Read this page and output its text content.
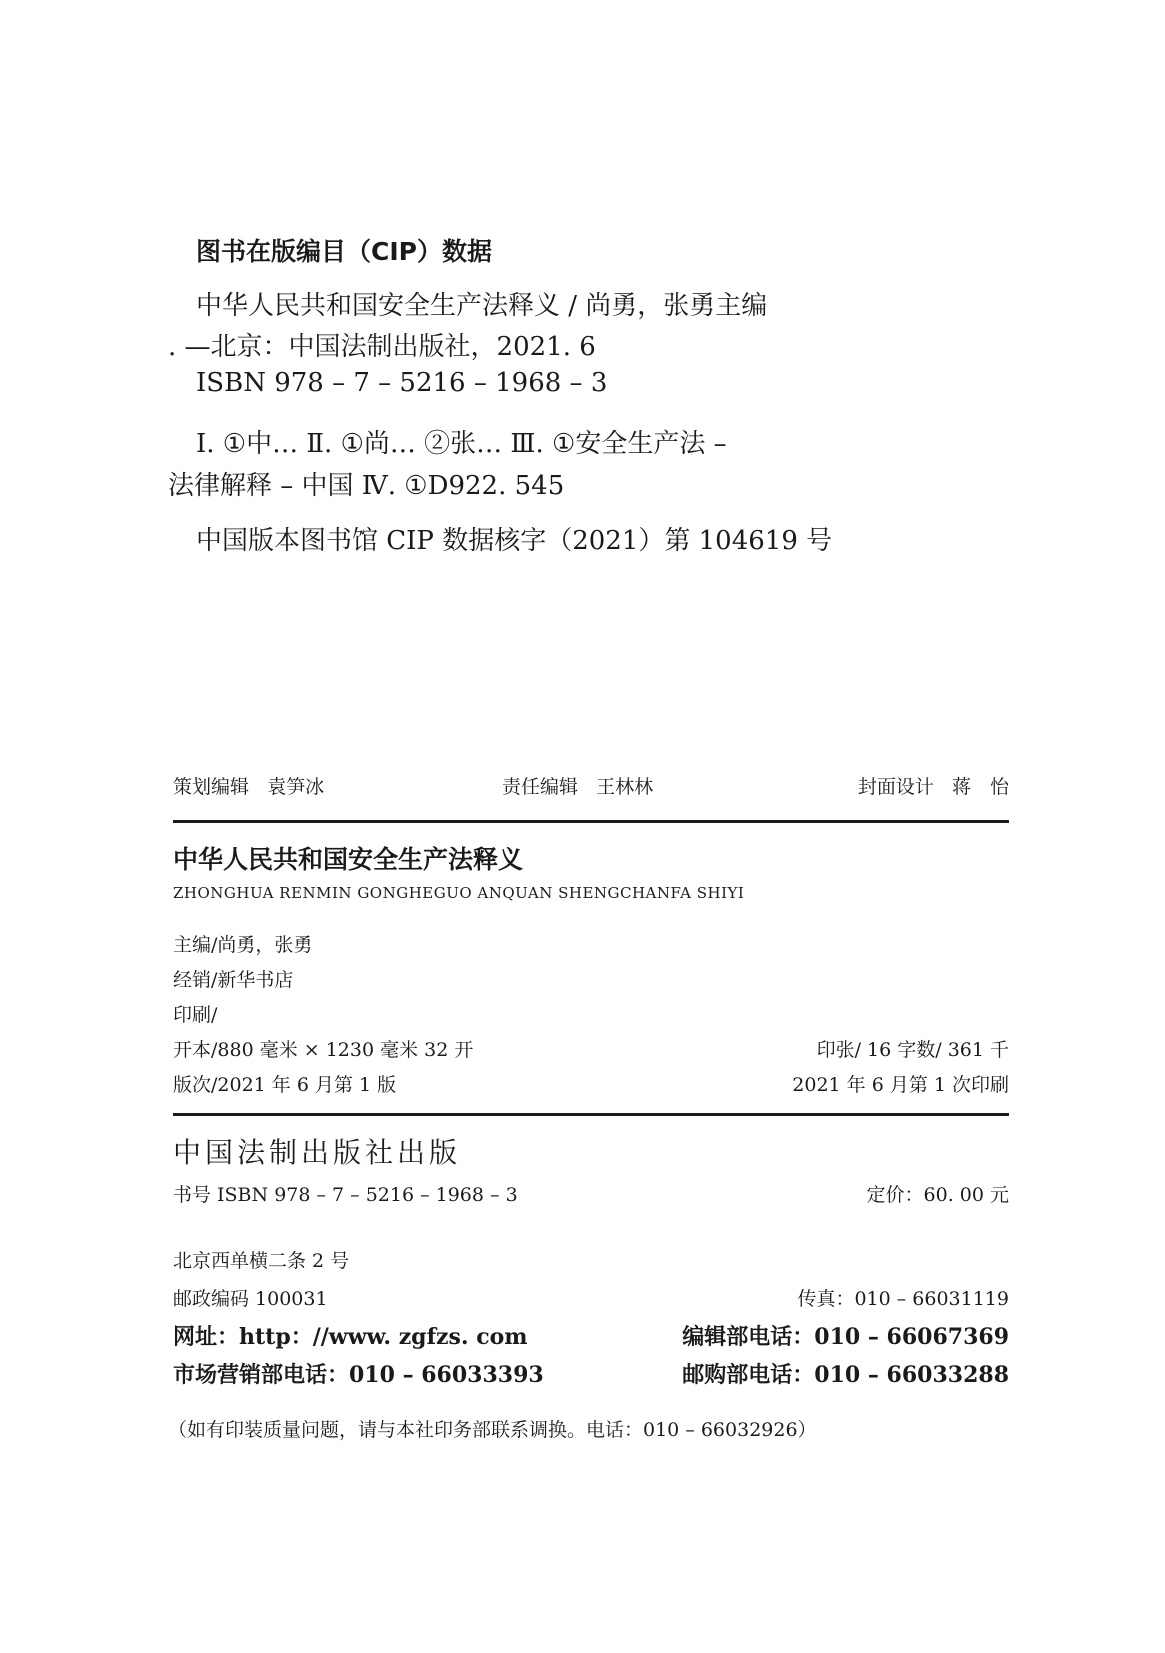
图书在版编目（CIP）数据
中华人民共和国安全生产法释义 / 尚勇，张勇主编
. —北京：中国法制出版社，2021. 6
ISBN 978 – 7 – 5216 – 1968 – 3
Ⅰ. ①中… Ⅱ. ①尚… ②张… Ⅲ. ①安全生产法 –
法律解释 – 中国 Ⅳ. ①D922. 545
中国版本图书馆 CIP 数据核字（2021）第 104619 号
策划编辑 袁笋冰	责任编辑 王林林	封面设计 蒋　怡
中华人民共和国安全生产法释义
ZHONGHUA RENMIN GONGHEGUO ANQUAN SHENGCHANFA SHIYI
主编/尚勇，张勇
经销/新华书店
印刷/
开本/880 毫米 × 1230 毫米 32 开	印张/ 16 字数/ 361 千
版次/2021 年 6 月第 1 版	2021 年 6 月第 1 次印刷
中国法制出版社出版
书号 ISBN 978 – 7 – 5216 – 1968 – 3	定价：60. 00 元
北京西单横二条 2 号
邮政编码 100031	传真：010 – 66031119
网址：http：//www. zgfzs. com	编辑部电话：010 – 66067369
市场营销部电话：010 – 66033393	邮购部电话：010 – 66033288
（如有印装质量问题，请与本社印务部联系调换。电话：010 – 66032926）
